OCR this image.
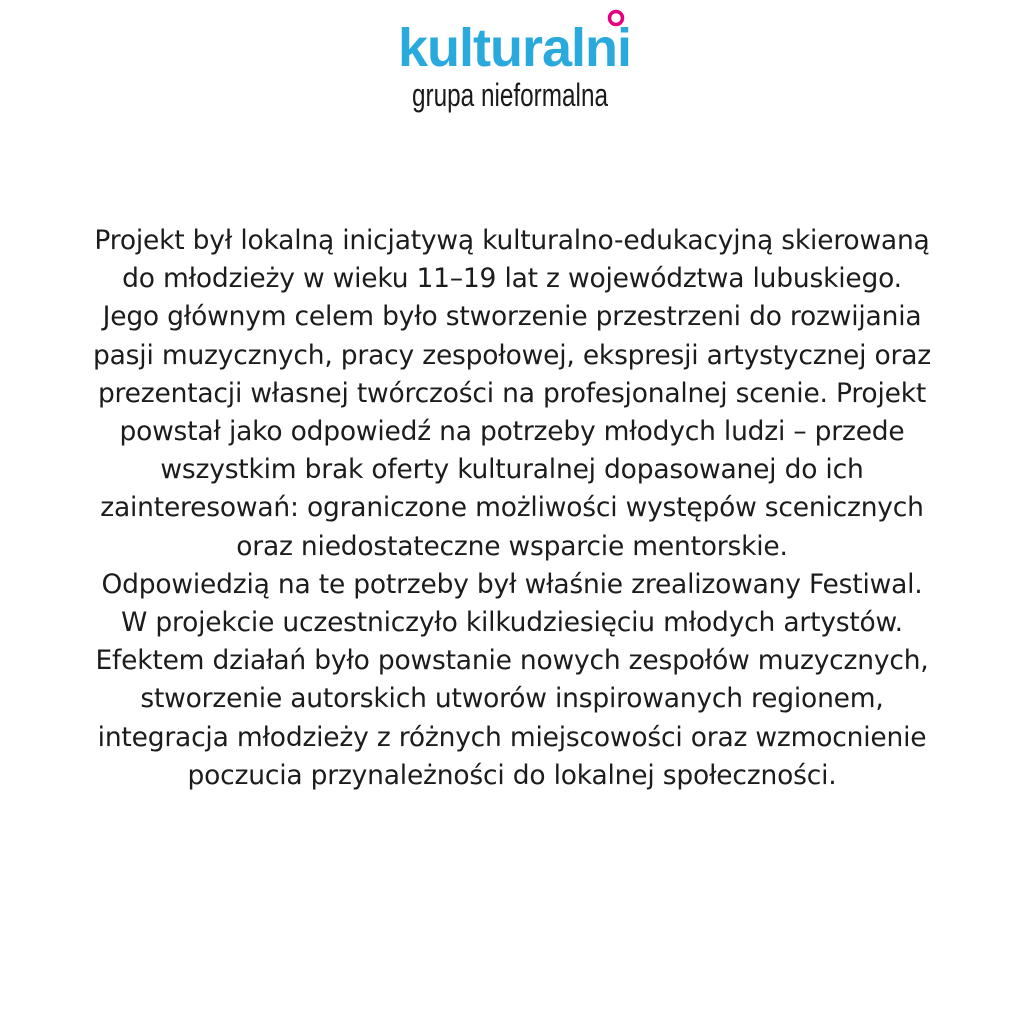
kulturalni
grupa nieformalna
Projekt był lokalną inicjatywą kulturalno-edukacyjną skierowaną
do młodzieży w wieku 11–19 lat z województwa lubuskiego.
Jego głównym celem było stworzenie przestrzeni do rozwijania
pasji muzycznych, pracy zespołowej, ekspresji artystycznej oraz
prezentacji własnej twórczości na profesjonalnej scenie. Projekt
powstał jako odpowiedź na potrzeby młodych ludzi – przede
wszystkim brak oferty kulturalnej dopasowanej do ich
zainteresowań: ograniczone możliwości występów scenicznych
oraz niedostateczne wsparcie mentorskie.
Odpowiedzią na te potrzeby był właśnie zrealizowany Festiwal.
W projekcie uczestniczyło kilkudziesięciu młodych artystów.
Efektem działań było powstanie nowych zespołów muzycznych,
stworzenie autorskich utworów inspirowanych regionem,
integracja młodzieży z różnych miejscowości oraz wzmocnienie
poczucia przynależności do lokalnej społeczności.
